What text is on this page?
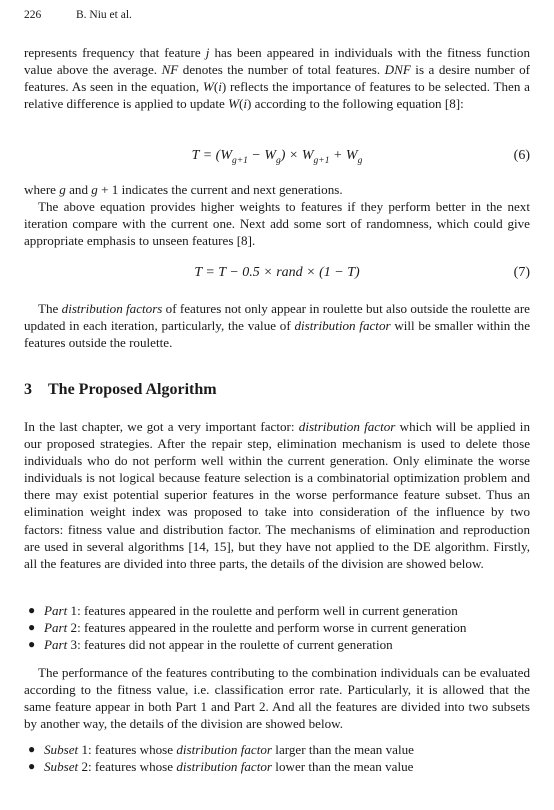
226	B. Niu et al.

represents frequency that feature j has been appeared in individuals with the fitness function value above the average. NF denotes the number of total features. DNF is a desire number of features. As seen in the equation, W(i) reflects the importance of features to be selected. Then a relative difference is applied to update W(i) according to the following equation [8]:

$T = (W_{g+1} - W_g) \times W_{g+1} + W_g$	(6)

where g and g + 1 indicates the current and next generations.

The above equation provides higher weights to features if they perform better in the next iteration compare with the current one. Next add some sort of randomness, which could give appropriate emphasis to unseen features [8].

T = T − 0.5 × rand × (1 − T)	(7)

The distribution factors of features not only appear in roulette but also outside the roulette are updated in each iteration, particularly, the value of distribution factor will be smaller within the features outside the roulette.

3 The Proposed Algorithm

In the last chapter, we got a very important factor: distribution factor which will be applied in our proposed strategies. After the repair step, elimination mechanism is used to delete those individuals who do not perform well within the current generation. Only eliminate the worse individuals is not logical because feature selection is a combinatorial optimization problem and there may exist potential superior features in the worse performance feature subset. Thus an elimination weight index was proposed to take into consideration of the influence by two factors: fitness value and distribution factor. The mechanisms of elimination and reproduction are used in several algorithms [14, 15], but they have not applied to the DE algorithm. Firstly, all the features are divided into three parts, the details of the division are showed below.

● Part 1: features appeared in the roulette and perform well in current generation
● Part 2: features appeared in the roulette and perform worse in current generation
● Part 3: features did not appear in the roulette of current generation

The performance of the features contributing to the combination individuals can be evaluated according to the fitness value, i.e. classification error rate. Particularly, it is allowed that the same feature appear in both Part 1 and Part 2. And all the features are divided into two subsets by another way, the details of the division are showed below.

● Subset 1: features whose distribution factor larger than the mean value
● Subset 2: features whose distribution factor lower than the mean value
